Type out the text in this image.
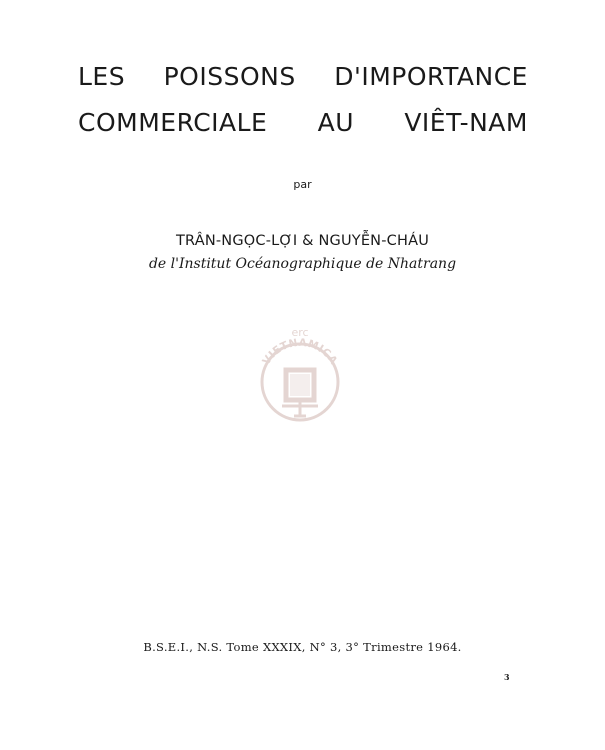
LES POISSONS D'IMPORTANCE
COMMERCIALE AU VIÊT-NAM
par
TRÂN-NGỌC-LỢI & NGUYỄN-CHÁU
de l'Institut Océanographique de Nhatrang
erc
VIETNAMICA
B.S.E.I., N.S. Tome XXXIX, N° 3, 3° Trimestre 1964.
3
